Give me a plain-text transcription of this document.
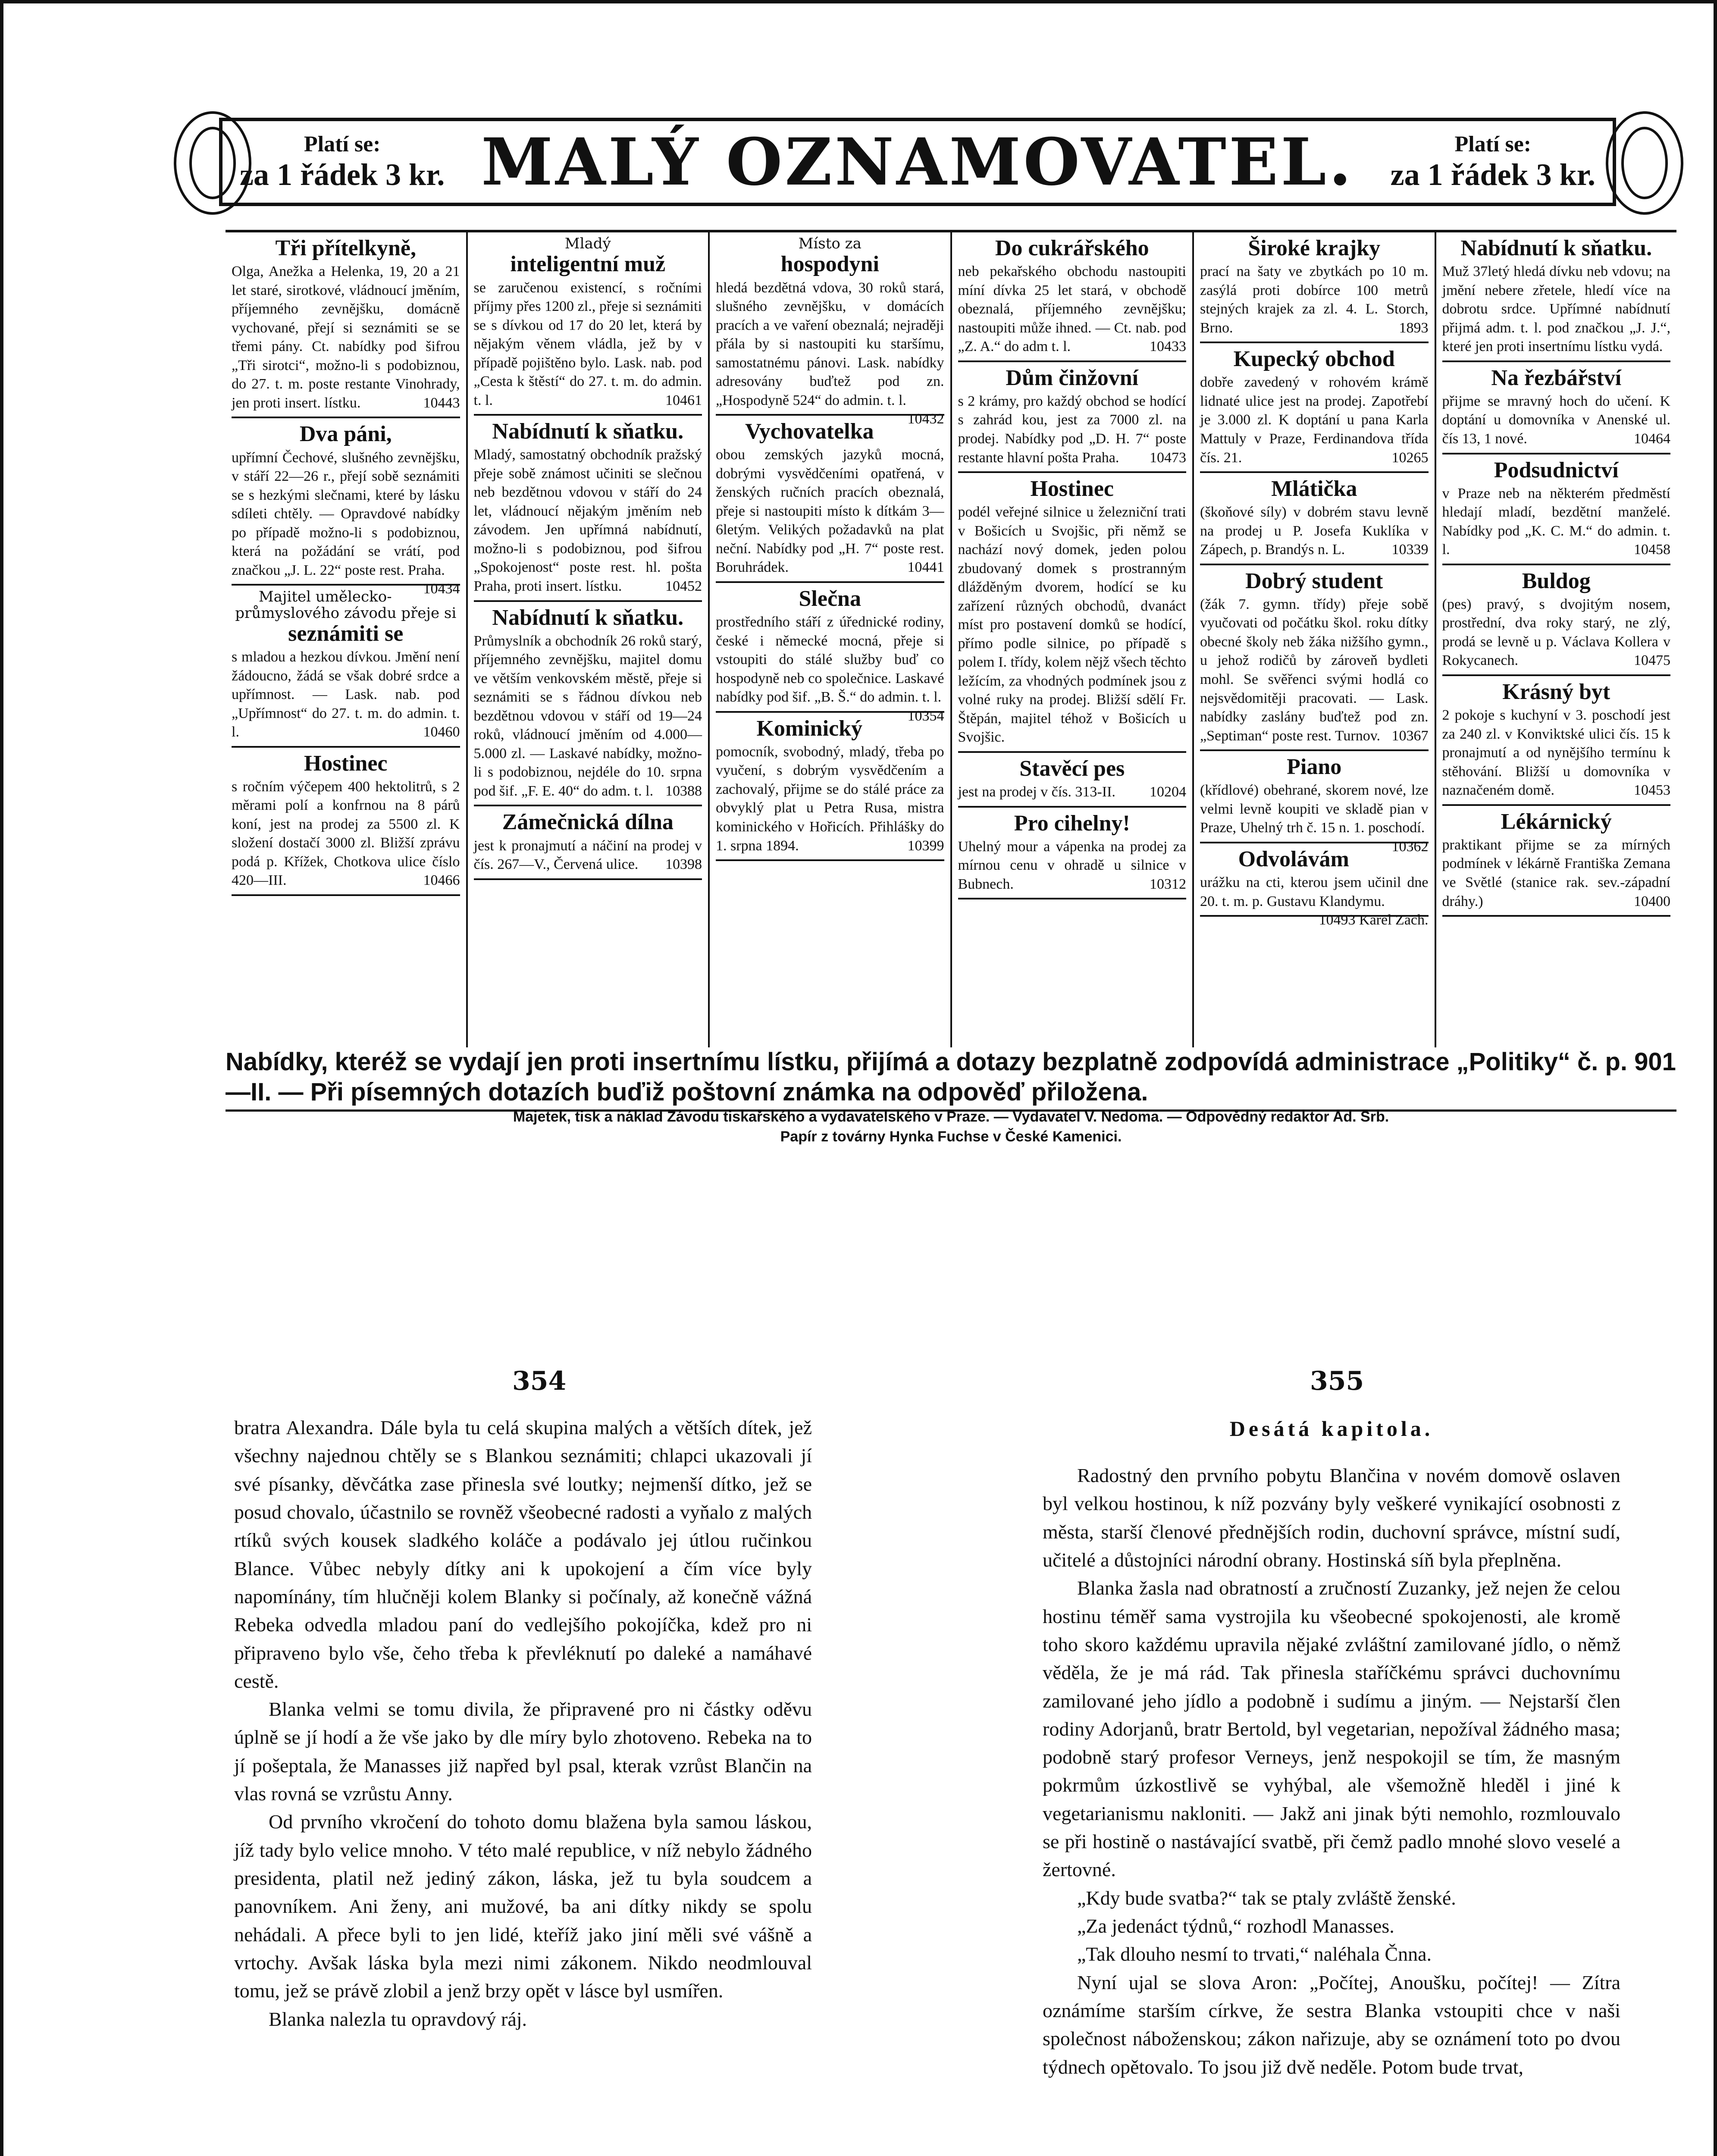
Platí se:
za 1 řádek 3 kr. MALÝ OZNAMOVATEL.	Platí se:
za 1 řádek 3 kr.
Tři přítelkyně,

Olga, Anežka a Helenka, 19, 20 a 21 let staré, sirotkové, vládnoucí jměním, příjemného zevnějšku, domácně vychované, přejí si seznámiti se se třemi pány. Ct. nabídky pod šifrou „Tři sirotci“, možno-li s podobiznou, do 27. t. m. poste restante Vinohrady, jen proti insert. lístku.	10443

Dva páni,

upřímní Čechové, slušného zevnějšku, v stáří 22—26 r., přejí sobě seznámiti se s hezkými slečnami, které by lásku sdíleti chtěly. — Opravdové nabídky po případě možno-li s podobiznou, která na požádání se vrátí, pod značkou „J. L. 22“ poste rest. Praha.
10434

Majitel umělecko-průmyslového závodu přeje si
seznámiti se

s mladou a hezkou dívkou. Jmění není žádoucno, žádá se však dobré srdce a upřímnost. — Lask. nab. pod „Upřímnost“ do 27. t. m. do admin. t. l.	10460

Hostinec

s ročním výčepem 400 hektolitrů, s 2 měrami polí a konfrnou na 8 párů koní, jest na prodej za 5500 zl. K složení dostačí 3000 zl. Bližší zprávu podá p. Křížek, Chotkova ulice číslo 420—III.	10466

Mladý
inteligentní muž

se zaručenou existencí, s ročními příjmy přes 1200 zl., přeje si seznámiti se s dívkou od 17 do 20 let, která by nějakým věnem vládla, jež by v případě pojištěno bylo. Lask. nab. pod „Cesta k štěstí“ do 27. t. m. do admin. t. l.	10461

Nabídnutí k sňatku.

Mladý, samostatný obchodník pražský přeje sobě známost učiniti se slečnou neb bezdětnou vdovou v stáří do 24 let, vládnoucí nějakým jměním neb závodem. Jen upřímná nabídnutí, možno-li s podobiznou, pod šifrou „Spokojenost“ poste rest. hl. pošta Praha, proti insert. lístku.	10452

Nabídnutí k sňatku.

Průmyslník a obchodník 26 roků starý, příjemného zevnějšku, majitel domu ve větším venkovském městě, přeje si seznámiti se s řádnou dívkou neb bezdětnou vdovou v stáří od 19—24 roků, vládnoucí jměním od 4.000—5.000 zl. — Laskavé nabídky, možno-li s podobiznou, nejdéle do 10. srpna pod šif. „F. E. 40“ do adm. t. l. 10388

Zámečnická dílna

jest k pronajmutí a náčiní na prodej v čís. 267—V., Červená ulice. 10398

Místo za
hospodyni

hledá bezdětná vdova, 30 roků stará, slušného zevnějšku, v domácích pracích a ve vaření obeznalá; nejraději přála by si nastoupiti ku staršímu, samostatnému pánovi. Lask. nabídky adresovány buďtež pod zn. „Hospodyně 524“ do admin. t. l.
10432

Vychovatelka

obou zemských jazyků mocná, dobrými vysvědčeními opatřená, v ženských ručních pracích obeznalá, přeje si nastoupiti místo k dítkám 3—6letým. Velikých požadavků na plat neční. Nabídky pod „H. 7“ poste rest. Boruhrádek.	10441

Slečna

prostředního stáří z úřednické rodiny, české i německé mocná, přeje si vstoupiti do stálé služby buď co hospodyně neb co společnice. Laskavé nabídky pod šif. „B. Š.“ do admin. t. l.
10354

Kominický

pomocník, svobodný, mladý, třeba po vyučení, s dobrým vysvědčením a zachovalý, přijme se do stálé práce za obvyklý plat u Petra Rusa, mistra kominického v Hořicích. Přihlášky do 1. srpna 1894.	10399

Do cukrářského

neb pekařského obchodu nastoupiti míní dívka 25 let stará, v obchodě obeznalá, příjemného zevnějšku; nastoupiti může ihned. — Ct. nab. pod „Z. A.“ do adm t. l.	10433

Dům činžovní

s 2 krámy, pro každý obchod se hodící s zahrád kou, jest za 7000 zl. na prodej. Nabídky pod „D. H. 7“ poste restante hlavní pošta Praha. 10473

Hostinec

podél veřejné silnice u železniční trati v Bošicích u Svojšic, při němž se nachází nový domek, jeden polou zbudovaný domek s prostranným dlážděným dvorem, hodící se ku zařízení různých obchodů, dvanáct míst pro postavení domků se hodící, přímo podle silnice, po případě s polem I. třídy, kolem nějž všech těchto ležícím, za vhodných podmínek jsou z volné ruky na prodej. Bližší sdělí Fr. Štěpán, majitel téhož v Bošicích u Svojšic.

Stavěcí pes

jest na prodej v čís. 313-II. 10204

Pro cihelny!

Uhelný mour a vápenka na prodej za mírnou cenu v ohradě u silnice v Bubnech.	10312

Široké krajky

prací na šaty ve zbytkách po 10 m. zasýlá proti dobírce 100 metrů stejných krajek za zl. 4. L. Storch, Brno.	1893

Kupecký obchod

dobře zavedený v rohovém krámě lidnaté ulice jest na prodej. Zapotřebí je 3.000 zl. K doptání u pana Karla Mattuly v Praze, Ferdinandova třída čís. 21.	10265

Mlátička

(škoňové síly) v dobrém stavu levně na prodej u P. Josefa Kuklíka v Zápech, p. Brandýs n. L.	10339

Dobrý student

(žák 7. gymn. třídy) přeje sobě vyučovati od počátku škol. roku dítky obecné školy neb žáka nižšího gymn., u jehož rodičů by zároveň bydleti mohl. Se svěřenci svými hodlá co nejsvědomitěji pracovati. — Lask. nabídky zaslány buďtež pod zn. „Septiman“ poste rest. Turnov. 10367

Piano

(křídlové) obehrané, skorem nové, lze velmi levně koupiti ve skladě pian v Praze, Uhelný trh č. 15 n. 1. poschodí.
10362

Odvolávám

urážku na cti, kterou jsem učinil dne 20. t. m. p. Gustavu Klandymu.
10493 Karel Zach.

Nabídnutí k sňatku.

Muž 37letý hledá dívku neb vdovu; na jmění nebere zřetele, hledí více na dobrotu srdce. Upřímné nabídnutí přijmá adm. t. l. pod značkou „J. J.“, které jen proti insertnímu lístku vydá.

Na řezbářství

přijme se mravný hoch do učení. K doptání u domovníka v Anenské ul. čís 13, 1 nové.	10464

Podsudnictví

v Praze neb na některém předměstí hledají mladí, bezdětní manželé. Nabídky pod „K. C. M.“ do admin. t. l.	10458

Buldog

(pes) pravý, s dvojitým nosem, prostřední, dva roky starý, ne zlý, prodá se levně u p. Václava Kollera v Rokycanech.	10475

Krásný byt

2 pokoje s kuchyní v 3. poschodí jest za 240 zl. v Konviktské ulici čís. 15 k pronajmutí a od nynějšího termínu k stěhování. Bližší u domovníka v naznačeném domě.	10453

Lékárnický

praktikant přijme se za mírných podmínek v lékárně Františka Zemana ve Světlé (stanice rak. sev.-západní dráhy.)	10400

Nabídky, kteréž se vydají jen proti insertnímu lístku, přijímá a dotazy bezplatně zodpovídá administrace „Politiky“ č. p. 901—II. — Při písemných dotazích buďiž poštovní známka na odpověď přiložena.
Majetek, tisk a náklad Závodu tiskařského a vydavatelského v Praze. — Vydavatel V. Nedoma. — Odpovědný redaktor Ad. Srb.
Papír z továrny Hynka Fuchse v České Kamenici.
354	355

bratra Alexandra. Dále byla tu celá skupina malých a větších dítek, jež všechny najednou chtěly se s Blankou seznámiti; chlapci ukazovali jí své písanky, děvčátka zase přinesla své loutky; nejmenší dítko, jež se posud chovalo, účastnilo se rovněž všeobecné radosti a vyňalo z malých rtíků svých kousek sladkého koláče a podávalo jej útlou ručinkou Blance. Vůbec nebyly dítky ani k upokojení a čím více byly napomínány, tím hlučněji kolem Blanky si počínaly, až konečně vážná Rebeka odvedla mladou paní do vedlejšího pokojíčka, kdež pro ni připraveno bylo vše, čeho třeba k převléknutí po daleké a namáhavé cestě.

Blanka velmi se tomu divila, že připravené pro ni částky oděvu úplně se jí hodí a že vše jako by dle míry bylo zhotoveno. Rebeka na to jí pošeptala, že Manasses již napřed byl psal, kterak vzrůst Blančin na vlas rovná se vzrůstu Anny.

Od prvního vkročení do tohoto domu blažena byla samou láskou, jíž tady bylo velice mnoho. V této malé republice, v níž nebylo žádného presidenta, platil než jediný zákon, láska, jež tu byla soudcem a panovníkem. Ani ženy, ani mužové, ba ani dítky nikdy se spolu nehádali. A přece byli to jen lidé, kteříž jako jiní měli své vášně a vrtochy. Avšak láska byla mezi nimi zákonem. Nikdo neodmlouval tomu, jež se právě zlobil a jenž brzy opět v lásce byl usmířen.

Blanka nalezla tu opravdový ráj.

Desátá kapitola.

Radostný den prvního pobytu Blančina v novém domově oslaven byl velkou hostinou, k níž pozvány byly veškeré vynikající osobnosti z města, starší členové přednějších rodin, duchovní správce, místní sudí, učitelé a důstojníci národní obrany. Hostinská síň byla přeplněna.

Blanka žasla nad obratností a zručností Zuzanky, jež nejen že celou hostinu téměř sama vystrojila ku všeobecné spokojenosti, ale kromě toho skoro každému upravila nějaké zvláštní zamilované jídlo, o němž věděla, že je má rád. Tak přinesla staříčkému správci duchovnímu zamilované jeho jídlo a podobně i sudímu a jiným. — Nejstarší člen rodiny Adorjanů, bratr Bertold, byl vegetarian, nepožíval žádného masa; podobně starý profesor Verneys, jenž nespokojil se tím, že masným pokrmům úzkostlivě se vyhýbal, ale všemožně hleděl i jiné k vegetarianismu nakloniti. — Jakž ani jinak býti nemohlo, rozmlouvalo se při hostině o nastávající svatbě, při čemž padlo mnohé slovo veselé a žertovné.

„Kdy bude svatba?“ tak se ptaly zvláště ženské.

„Za jedenáct týdnů,“ rozhodl Manasses.

„Tak dlouho nesmí to trvati,“ naléhala Čnna.

Nyní ujal se slova Aron: „Počítej, Anoušku, počítej! — Zítra oznámíme starším církve, že sestra Blanka vstoupiti chce v naši společnost náboženskou; zákon nařizuje, aby se oznámení toto po dvou týdnech opětovalo. To jsou již dvě neděle. Potom bude trvat,
